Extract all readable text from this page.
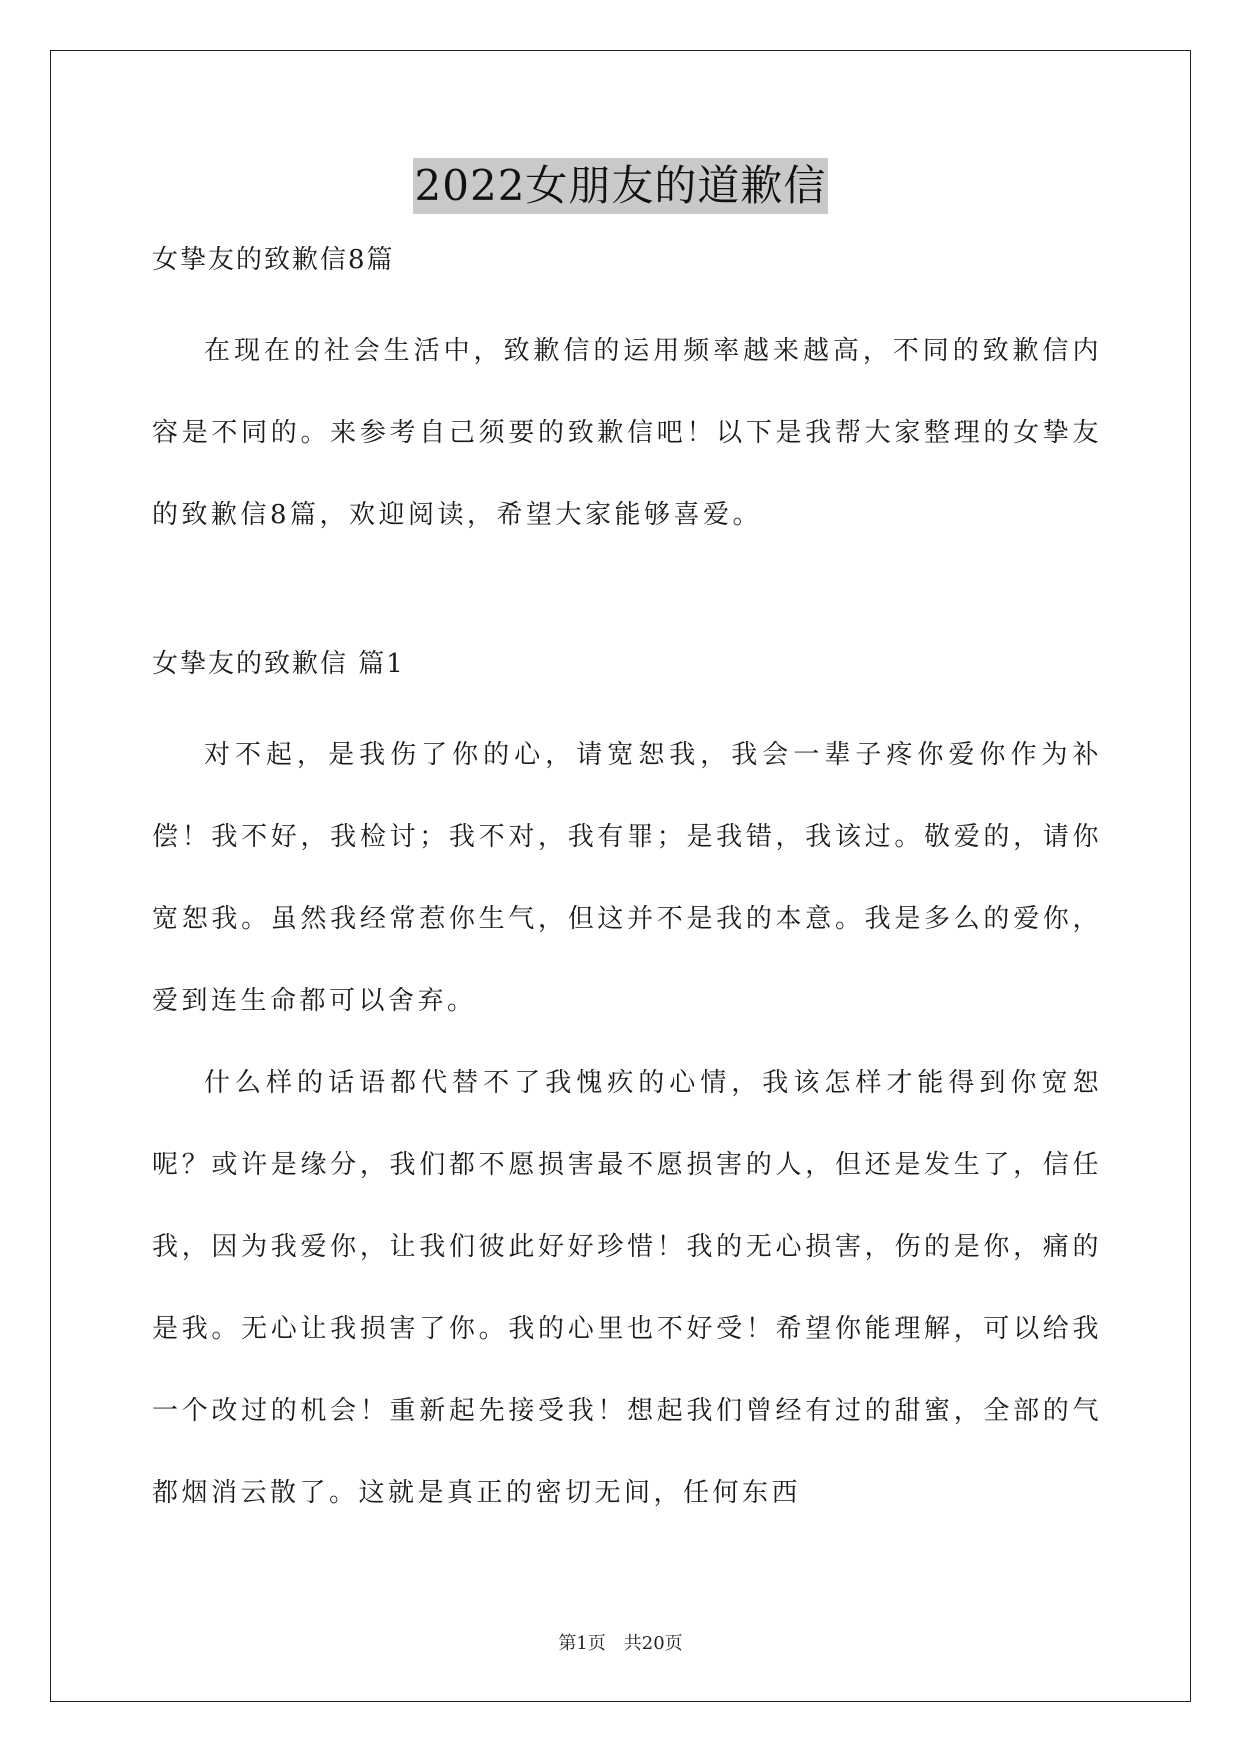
2022女朋友的道歉信

女挚友的致歉信8篇

在现在的社会生活中，致歉信的运用频率越来越高，不同的致歉信内容是不同的。来参考自己须要的致歉信吧！以下是我帮大家整理的女挚友的致歉信8篇，欢迎阅读，希望大家能够喜爱。

女挚友的致歉信 篇1

对不起，是我伤了你的心，请宽恕我，我会一辈子疼你爱你作为补偿！我不好，我检讨；我不对，我有罪；是我错，我该过。敬爱的，请你宽恕我。虽然我经常惹你生气，但这并不是我的本意。我是多么的爱你，爱到连生命都可以舍弃。

什么样的话语都代替不了我愧疚的心情，我该怎样才能得到你宽恕呢？或许是缘分，我们都不愿损害最不愿损害的人，但还是发生了，信任我，因为我爱你，让我们彼此好好珍惜！我的无心损害，伤的是你，痛的是我。无心让我损害了你。我的心里也不好受！希望你能理解，可以给我一个改过的机会！重新起先接受我！想起我们曾经有过的甜蜜，全部的气都烟消云散了。这就是真正的密切无间，任何东西

第1页　共20页
